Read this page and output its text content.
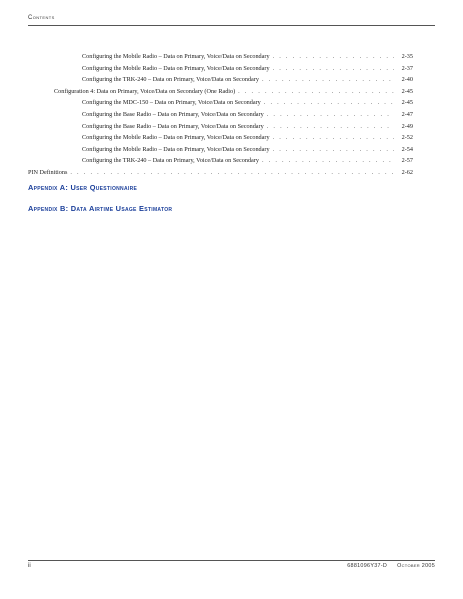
Contents
Configuring the Mobile Radio – Data on Primary, Voice/Data on Secondary . . .	2-35
Configuring the Mobile Radio – Data on Primary, Voice/Data on Secondary . . .	2-37
Configuring the TRK-240 – Data on Primary, Voice/Data on Secondary . . .	2-40
Configuration 4: Data on Primary, Voice/Data on Secondary (One Radio) . . .	2-45
Configuring the MDC-150 – Data on Primary, Voice/Data on Secondary . . .	2-45
Configuring the Base Radio – Data on Primary, Voice/Data on Secondary . . .	2-47
Configuring the Base Radio – Data on Primary, Voice/Data on Secondary . . .	2-49
Configuring the Mobile Radio – Data on Primary, Voice/Data on Secondary . . .	2-52
Configuring the Mobile Radio – Data on Primary, Voice/Data on Secondary . . .	2-54
Configuring the TRK-240 – Data on Primary, Voice/Data on Secondary . . .	2-57
PIN Definitions . . .	2-62
Appendix A: User Questionnaire
Appendix B: Data Airtime Usage Estimator
ii	6881096Y37-D October 2005
